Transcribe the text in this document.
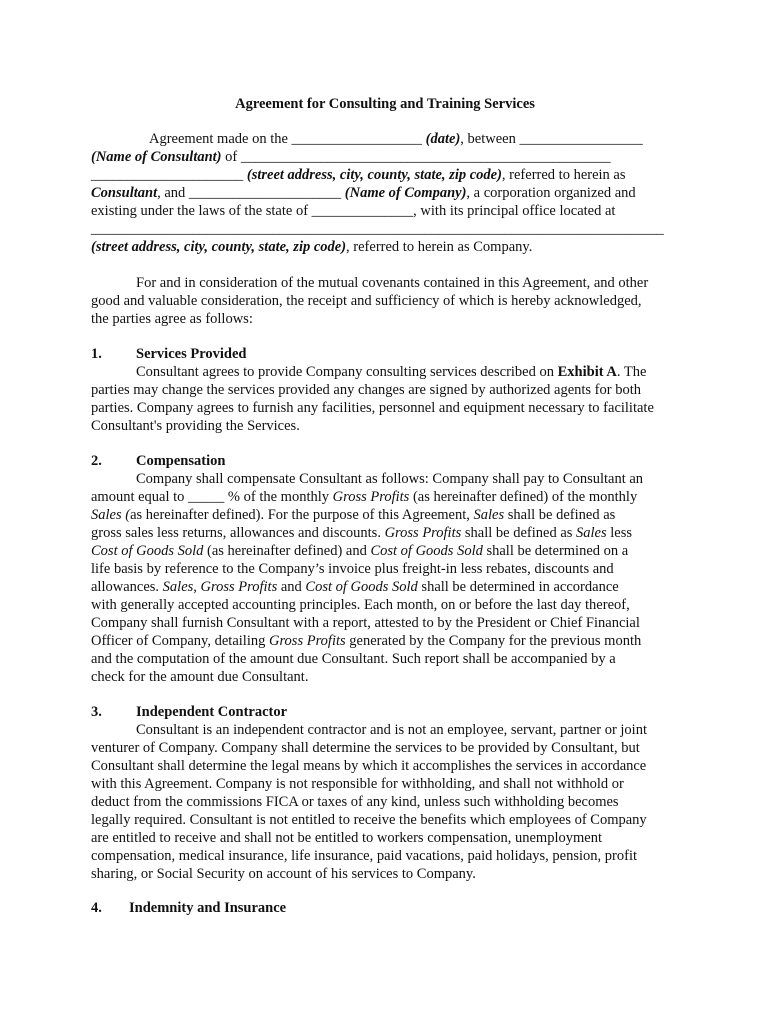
Agreement for Consulting and Training Services
Agreement made on the __________________ (date), between _________________
(Name of Consultant) of ___________________________________________________
_____________________ (street address, city, county, state, zip code), referred to herein as
Consultant, and _____________________ (Name of Company), a corporation organized and
existing under the laws of the state of ______________, with its principal office located at
_______________________________________________________________________________
(street address, city, county, state, zip code), referred to herein as Company.
For and in consideration of the mutual covenants contained in this Agreement, and other
good and valuable consideration, the receipt and sufficiency of which is hereby acknowledged,
the parties agree as follows:
1. Services Provided
Consultant agrees to provide Company consulting services described on Exhibit A. The
parties may change the services provided any changes are signed by authorized agents for both
parties. Company agrees to furnish any facilities, personnel and equipment necessary to facilitate
Consultant's providing the Services.
2. Compensation
Company shall compensate Consultant as follows: Company shall pay to Consultant an
amount equal to _____ % of the monthly Gross Profits (as hereinafter defined) of the monthly
Sales (as hereinafter defined). For the purpose of this Agreement, Sales shall be defined as
gross sales less returns, allowances and discounts. Gross Profits shall be defined as Sales less
Cost of Goods Sold (as hereinafter defined) and Cost of Goods Sold shall be determined on a
life basis by reference to the Company’s invoice plus freight-in less rebates, discounts and
allowances. Sales, Gross Profits and Cost of Goods Sold shall be determined in accordance
with generally accepted accounting principles. Each month, on or before the last day thereof,
Company shall furnish Consultant with a report, attested to by the President or Chief Financial
Officer of Company, detailing Gross Profits generated by the Company for the previous month
and the computation of the amount due Consultant. Such report shall be accompanied by a
check for the amount due Consultant.
3. Independent Contractor
Consultant is an independent contractor and is not an employee, servant, partner or joint
venturer of Company. Company shall determine the services to be provided by Consultant, but
Consultant shall determine the legal means by which it accomplishes the services in accordance
with this Agreement. Company is not responsible for withholding, and shall not withhold or
deduct from the commissions FICA or taxes of any kind, unless such withholding becomes
legally required. Consultant is not entitled to receive the benefits which employees of Company
are entitled to receive and shall not be entitled to workers compensation, unemployment
compensation, medical insurance, life insurance, paid vacations, paid holidays, pension, profit
sharing, or Social Security on account of his services to Company.
4. Indemnity and Insurance
